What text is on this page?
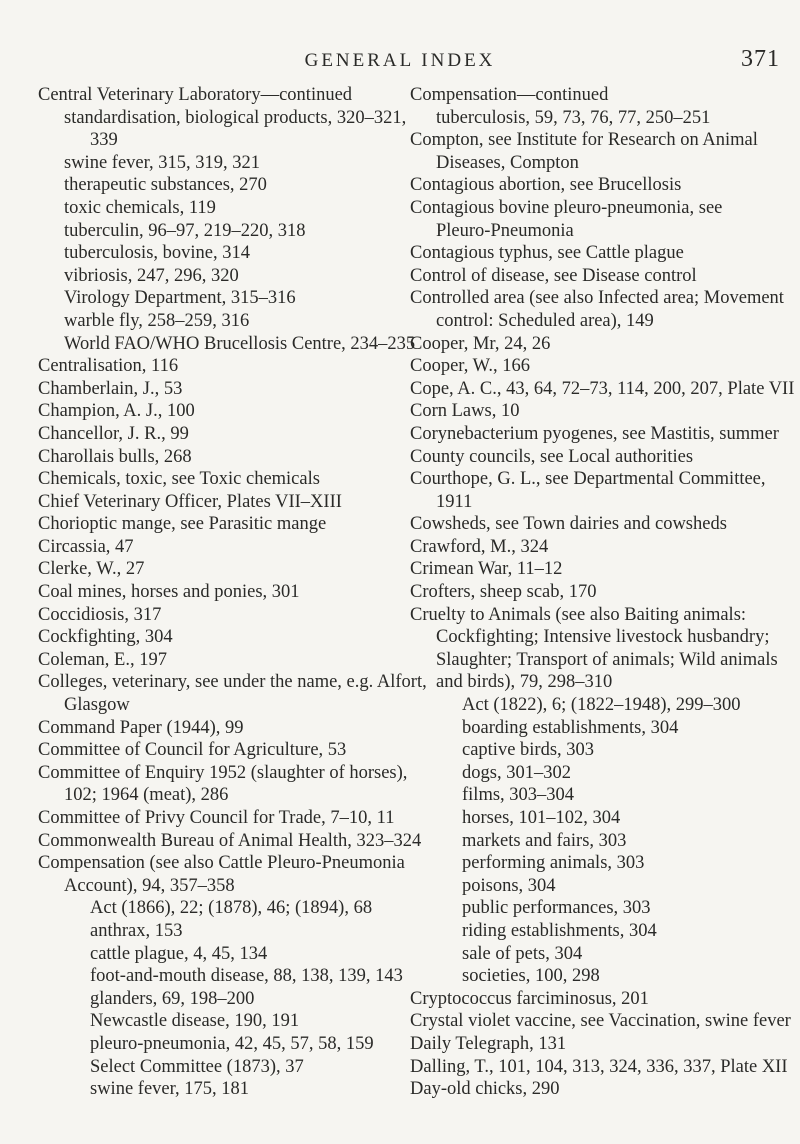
GENERAL INDEX	371
Central Veterinary Laboratory—continued
standardisation, biological products, 320–321,
339
swine fever, 315, 319, 321
therapeutic substances, 270
toxic chemicals, 119
tuberculin, 96–97, 219–220, 318
tuberculosis, bovine, 314
vibriosis, 247, 296, 320
Virology Department, 315–316
warble fly, 258–259, 316
World FAO/WHO Brucellosis Centre, 234–235
Centralisation, 116
Chamberlain, J., 53
Champion, A. J., 100
Chancellor, J. R., 99
Charollais bulls, 268
Chemicals, toxic, see Toxic chemicals
Chief Veterinary Officer, Plates VII–XIII
Chorioptic mange, see Parasitic mange
Circassia, 47
Clerke, W., 27
Coal mines, horses and ponies, 301
Coccidiosis, 317
Cockfighting, 304
Coleman, E., 197
Colleges, veterinary, see under the name, e.g. Alfort,
Glasgow
Command Paper (1944), 99
Committee of Council for Agriculture, 53
Committee of Enquiry 1952 (slaughter of horses),
102; 1964 (meat), 286
Committee of Privy Council for Trade, 7–10, 11
Commonwealth Bureau of Animal Health, 323–324
Compensation (see also Cattle Pleuro-Pneumonia
Account), 94, 357–358
Act (1866), 22; (1878), 46; (1894), 68
anthrax, 153
cattle plague, 4, 45, 134
foot-and-mouth disease, 88, 138, 139, 143
glanders, 69, 198–200
Newcastle disease, 190, 191
pleuro-pneumonia, 42, 45, 57, 58, 159
Select Committee (1873), 37
swine fever, 175, 181
Compensation—continued
tuberculosis, 59, 73, 76, 77, 250–251
Compton, see Institute for Research on Animal
Diseases, Compton
Contagious abortion, see Brucellosis
Contagious bovine pleuro-pneumonia, see
Pleuro-Pneumonia
Contagious typhus, see Cattle plague
Control of disease, see Disease control
Controlled area (see also Infected area; Movement
control: Scheduled area), 149
Cooper, Mr, 24, 26
Cooper, W., 166
Cope, A. C., 43, 64, 72–73, 114, 200, 207, Plate VII
Corn Laws, 10
Corynebacterium pyogenes, see Mastitis, summer
County councils, see Local authorities
Courthope, G. L., see Departmental Committee,
1911
Cowsheds, see Town dairies and cowsheds
Crawford, M., 324
Crimean War, 11–12
Crofters, sheep scab, 170
Cruelty to Animals (see also Baiting animals:
Cockfighting; Intensive livestock husbandry;
Slaughter; Transport of animals; Wild animals
and birds), 79, 298–310
Act (1822), 6; (1822–1948), 299–300
boarding establishments, 304
captive birds, 303
dogs, 301–302
films, 303–304
horses, 101–102, 304
markets and fairs, 303
performing animals, 303
poisons, 304
public performances, 303
riding establishments, 304
sale of pets, 304
societies, 100, 298
Cryptococcus farciminosus, 201
Crystal violet vaccine, see Vaccination, swine fever
Daily Telegraph, 131
Dalling, T., 101, 104, 313, 324, 336, 337, Plate XII
Day-old chicks, 290
